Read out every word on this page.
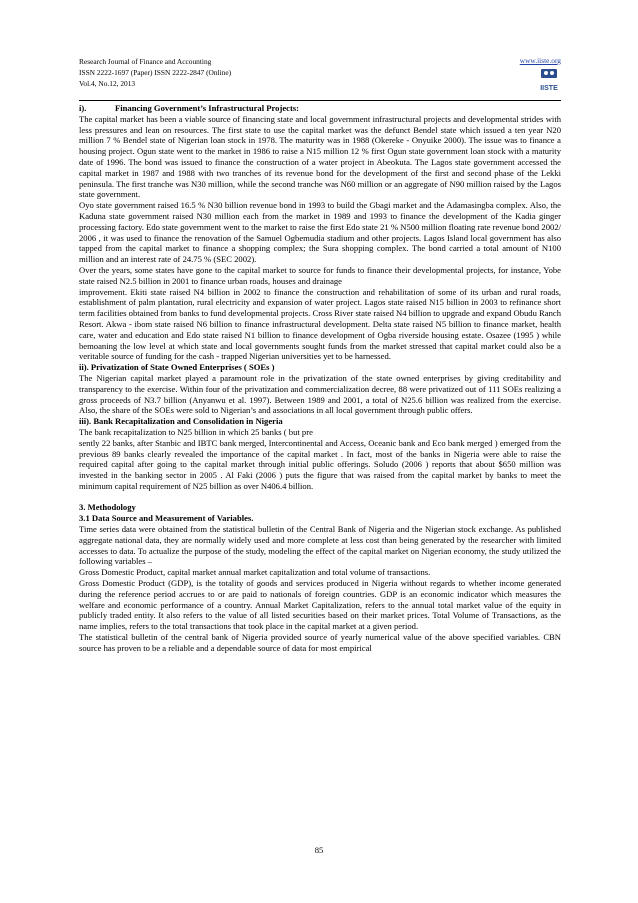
Research Journal of Finance and Accounting
ISSN 2222-1697 (Paper) ISSN 2222-2847 (Online)
Vol.4, No.12, 2013
www.iiste.org
IISTE

i).	Financing Government’s Infrastructural Projects:

The capital market has been a viable source of financing state and local government infrastructural projects and developmental strides with less pressures and lean on resources. The first state to use the capital market was the defunct Bendel state which issued a ten year N20 million 7 % Bendel state of Nigerian loan stock in 1978. The maturity was in 1988 (Okereke - Onyuike 2000). The issue was to finance a housing project. Ogun state went to the market in 1986 to raise a N15 million 12 % first Ogun state government loan stock with a maturity date of 1996. The bond was issued to finance the construction of a water project in Abeokuta. The Lagos state government accessed the capital market in 1987 and 1988 with two tranches of its revenue bond for the development of the first and second phase of the Lekki peninsula. The first tranche was N30 million, while the second tranche was N60 million or an aggregate of N90 million raised by the Lagos state government.

Oyo state government raised 16.5 % N30 billion revenue bond in 1993 to build the Gbagi market and the Adamasingba complex. Also, the Kaduna state government raised N30 million each from the market in 1989 and 1993 to finance the development of the Kadia ginger processing factory. Edo state government went to the market to raise the first Edo state 21 % N500 million floating rate revenue bond 2002/ 2006 , it was used to finance the renovation of the Samuel Ogbemudia stadium and other projects. Lagos Island local government has also tapped from the capital market to finance a shopping complex; the Sura shopping complex. The bond carried a total amount of N100 million and an interest rate of 24.75 % (SEC 2002).

Over the years, some states have gone to the capital market to source for funds to finance their developmental projects, for instance, Yobe state raised N2.5 billion in 2001 to finance urban roads, houses and drainage

improvement. Ekiti state raised N4 billion in 2002 to finance the construction and rehabilitation of some of its urban and rural roads, establishment of palm plantation, rural electricity and expansion of water project. Lagos state raised N15 billion in 2003 to refinance short term facilities obtained from banks to fund developmental projects. Cross River state raised N4 billion to upgrade and expand Obudu Ranch Resort. Akwa - ibom state raised N6 billion to finance infrastructural development. Delta state raised N5 billion to finance market, health care, water and education and Edo state raised N1 billion to finance development of Ogba riverside housing estate. Osazee (1995 ) while bemoaning the low level at which state and local governments sought funds from the market stressed that capital market could also be a veritable source of funding for the cash - trapped Nigerian universities yet to be harnessed.

ii). Privatization of State Owned Enterprises ( SOEs )

The Nigerian capital market played a paramount role in the privatization of the state owned enterprises by giving creditability and transparency to the exercise. Within four of the privatization and commercialization decree, 88 were privatized out of 111 SOEs realizing a gross proceeds of N3.7 billion (Anyanwu et al. 1997). Between 1989 and 2001, a total of N25.6 billion was realized from the exercise. Also, the share of the SOEs were sold to Nigerian’s and associations in all local government through public offers.

iii). Bank Recapitalization and Consolidation in Nigeria

The bank recapitalization to N25 billion in which 25 banks ( but pre

sently 22 banks, after Stanbic and IBTC bank merged, Intercontinental and Access, Oceanic bank and Eco bank merged ) emerged from the previous 89 banks clearly revealed the importance of the capital market . In fact, most of the banks in Nigeria were able to raise the required capital after going to the capital market through initial public offerings. Soludo (2006 ) reports that about $650 million was invested in the banking sector in 2005 . Al Faki (2006 ) puts the figure that was raised from the capital market by banks to meet the minimum capital requirement of N25 billion as over N406.4 billion.

3. Methodology

3.1 Data Source and Measurement of Variables.

Time series data were obtained from the statistical bulletin of the Central Bank of Nigeria and the Nigerian stock exchange. As published aggregate national data, they are normally widely used and more complete at less cost than being generated by the researcher with limited accesses to data. To actualize the purpose of the study, modeling the effect of the capital market on Nigerian economy, the study utilized the following variables –

Gross Domestic Product, capital market annual market capitalization and total volume of transactions.

Gross Domestic Product (GDP), is the totality of goods and services produced in Nigeria without regards to whether income generated during the reference period accrues to or are paid to nationals of foreign countries. GDP is an economic indicator which measures the welfare and economic performance of a country. Annual Market Capitalization, refers to the annual total market value of the equity in publicly traded entity. It also refers to the value of all listed securities based on their market prices. Total Volume of Transactions, as the name implies, refers to the total transactions that took place in the capital market at a given period.

The statistical bulletin of the central bank of Nigeria provided source of yearly numerical value of the above specified variables. CBN source has proven to be a reliable and a dependable source of data for most empirical

85
